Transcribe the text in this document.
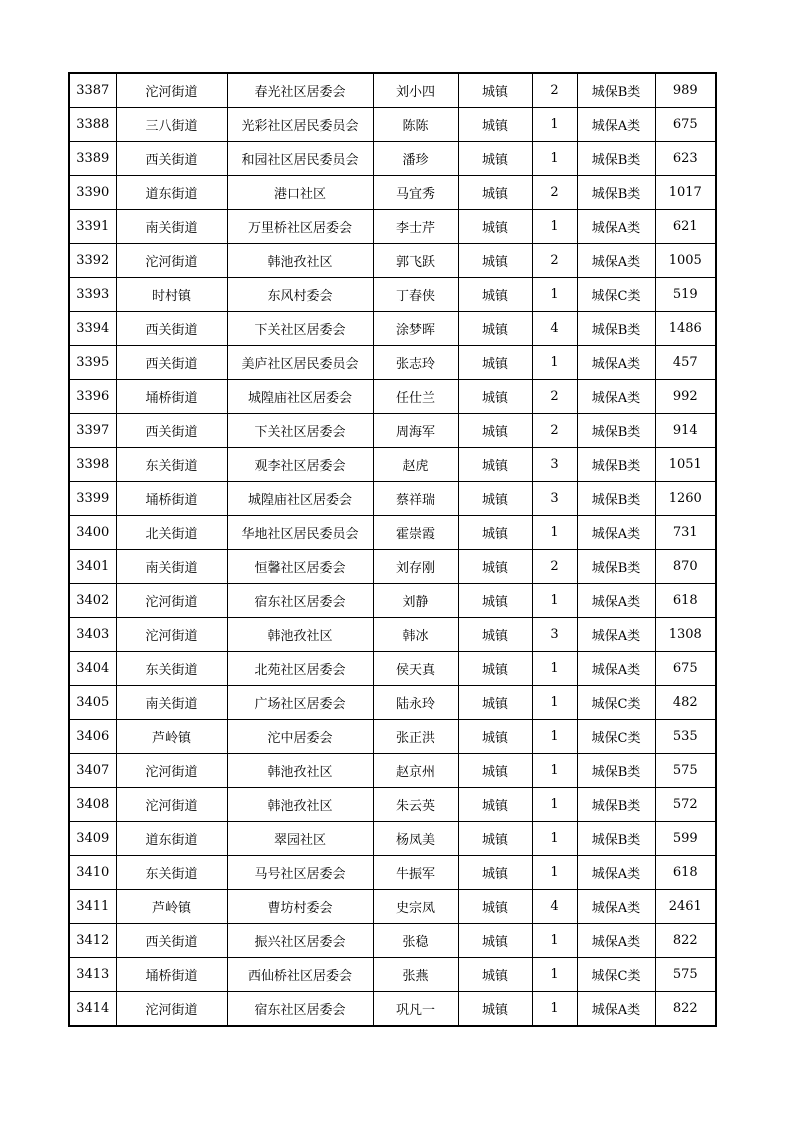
3387	沱河街道	春光社区居委会	刘小四	城镇	2	城保B类	989
3388	三八街道	光彩社区居民委员会	陈陈	城镇	1	城保A类	675
3389	西关街道	和园社区居民委员会	潘珍	城镇	1	城保B类	623
3390	道东街道	港口社区	马宜秀	城镇	2	城保B类	1017
3391	南关街道	万里桥社区居委会	李士芹	城镇	1	城保A类	621
3392	沱河街道	韩池孜社区	郭飞跃	城镇	2	城保A类	1005
3393	时村镇	东风村委会	丁春侠	城镇	1	城保C类	519
3394	西关街道	下关社区居委会	涂梦晖	城镇	4	城保B类	1486
3395	西关街道	美庐社区居民委员会	张志玲	城镇	1	城保A类	457
3396	埇桥街道	城隍庙社区居委会	任仕兰	城镇	2	城保A类	992
3397	西关街道	下关社区居委会	周海军	城镇	2	城保B类	914
3398	东关街道	观李社区居委会	赵虎	城镇	3	城保B类	1051
3399	埇桥街道	城隍庙社区居委会	蔡祥瑞	城镇	3	城保B类	1260
3400	北关街道	华地社区居民委员会	霍崇霞	城镇	1	城保A类	731
3401	南关街道	恒馨社区居委会	刘存刚	城镇	2	城保B类	870
3402	沱河街道	宿东社区居委会	刘静	城镇	1	城保A类	618
3403	沱河街道	韩池孜社区	韩冰	城镇	3	城保A类	1308
3404	东关街道	北苑社区居委会	侯天真	城镇	1	城保A类	675
3405	南关街道	广场社区居委会	陆永玲	城镇	1	城保C类	482
3406	芦岭镇	沱中居委会	张正洪	城镇	1	城保C类	535
3407	沱河街道	韩池孜社区	赵京州	城镇	1	城保B类	575
3408	沱河街道	韩池孜社区	朱云英	城镇	1	城保B类	572
3409	道东街道	翠园社区	杨凤美	城镇	1	城保B类	599
3410	东关街道	马号社区居委会	牛振军	城镇	1	城保A类	618
3411	芦岭镇	曹坊村委会	史宗凤	城镇	4	城保A类	2461
3412	西关街道	振兴社区居委会	张稳	城镇	1	城保A类	822
3413	埇桥街道	西仙桥社区居委会	张燕	城镇	1	城保C类	575
3414	沱河街道	宿东社区居委会	巩凡一	城镇	1	城保A类	822
